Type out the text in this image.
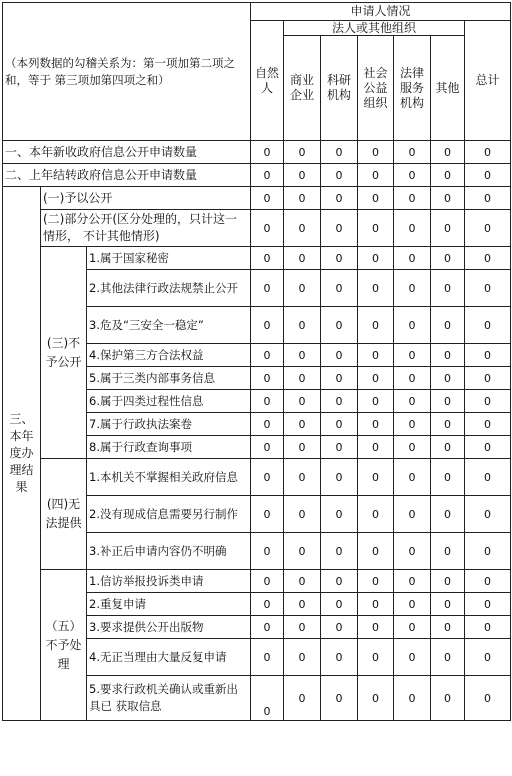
（本列数据的勾稽关系为：第一项加第二项之和，等于 第三项加第四项之和）			申请人情况						
			自然人	法人或其他组织					总计
				商业企业	科研机构	社会公益组织	法律服务机构	其他	
一、本年新收政府信息公开申请数量			0	0	0	0	0	0	0
二、上年结转政府信息公开申请数量			0	0	0	0	0	0	0
三、本年度办理结果	(一)予以公开		0	0	0	0	0	0	0
	(二)部分公开(区分处理的，只计这一情形， 不计其他情形)		0	0	0	0	0	0	0
	(三)不予公开	1.属于国家秘密	0	0	0	0	0	0	0
		2.其他法律行政法规禁止公开	0	0	0	0	0	0	0
		3.危及“三安全一稳定”	0	0	0	0	0	0	0
		4.保护第三方合法权益	0	0	0	0	0	0	0
		5.属于三类内部事务信息	0	0	0	0	0	0	0
		6.属于四类过程性信息	0	0	0	0	0	0	0
		7.属于行政执法案卷	0	0	0	0	0	0	0
		8.属于行政查询事项	0	0	0	0	0	0	0
	(四)无法提供	1.本机关不掌握相关政府信息	0	0	0	0	0	0	0
		2.没有现成信息需要另行制作	0	0	0	0	0	0	0
		3.补正后申请内容仍不明确	0	0	0	0	0	0	0
	（五）不予处理	1.信访举报投诉类申请	0	0	0	0	0	0	0
		2.重复申请	0	0	0	0	0	0	0
		3.要求提供公开出版物	0	0	0	0	0	0	0
		4.无正当理由大量反复申请	0	0	0	0	0	0	0
		5.要求行政机关确认或重新出具已 获取信息	0	0	0	0	0	0	0
